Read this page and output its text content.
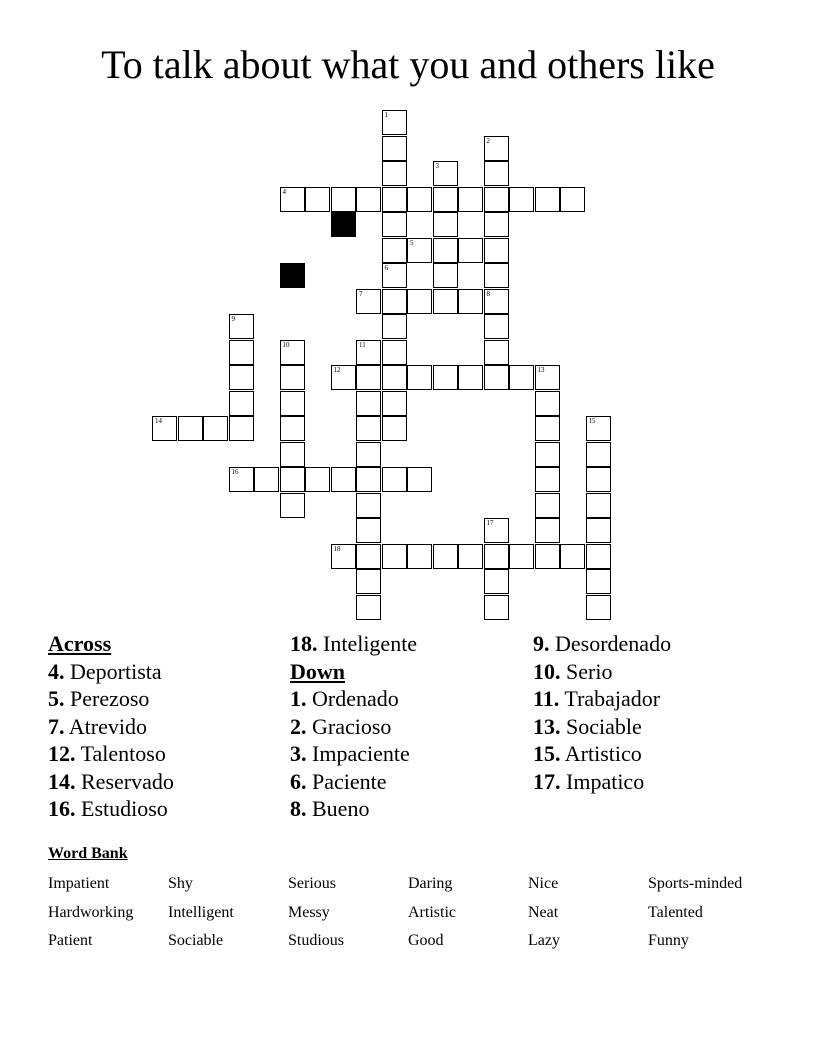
To talk about what you and others like
1
6
2
8
3
4
5
7
9
10	11
12	13
14	15
16
17
18
Across
4. Deportista
5. Perezoso
7. Atrevido
12. Talentoso
14. Reservado
16. Estudioso
18. Inteligente
Down
1. Ordenado
2. Gracioso
3. Impaciente
6. Paciente
8. Bueno
9. Desordenado
10. Serio
11. Trabajador
13. Sociable
15. Artistico
17. Impatico
Word Bank
Impatient	Shy	Serious	Daring	Nice	Sports-minded
Hardworking Intelligent	Messy	Artistic	Neat	Talented
Patient	Sociable	Studious	Good	Lazy	Funny
